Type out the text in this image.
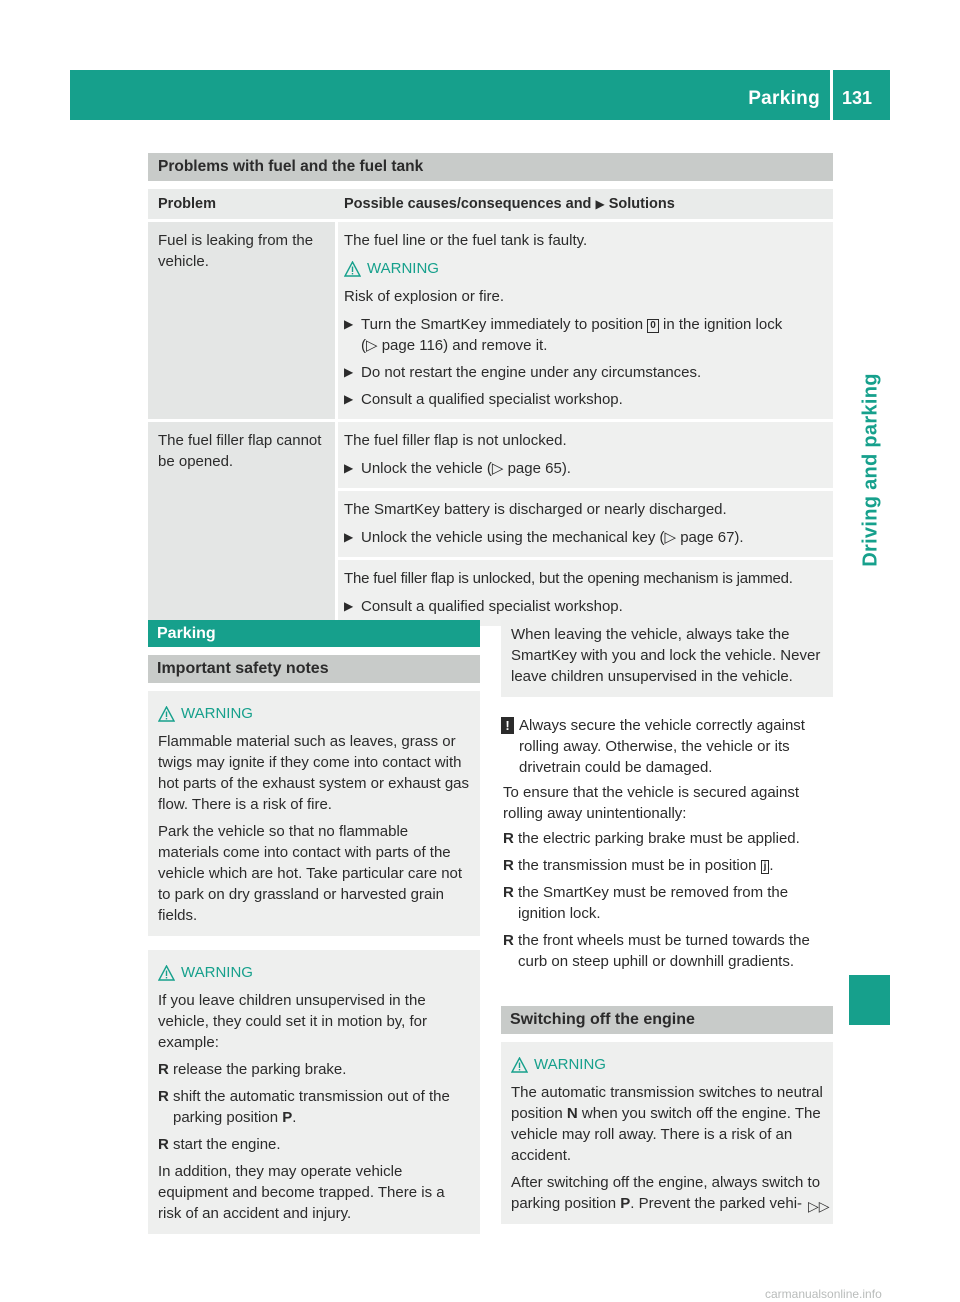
Parking 131
Driving and parking
Problems with fuel and the fuel tank
Problem	Possible causes/consequences and ▶ Solutions
Fuel is leaking from the vehicle.

The fuel line or the fuel tank is faulty.

WARNING

Risk of explosion or fire.

▶ Turn the SmartKey immediately to position 0 in the ignition lock
(▷ page 116) and remove it.
▶ Do not restart the engine under any circumstances.
▶ Consult a qualified specialist workshop.
The fuel filler flap cannot be opened.

The fuel filler flap is not unlocked.

▶ Unlock the vehicle (▷ page 65).

The SmartKey battery is discharged or nearly discharged.

▶ Unlock the vehicle using the mechanical key (▷ page 67).

The fuel filler flap is unlocked, but the opening mechanism is jammed.

▶ Consult a qualified specialist workshop.
Parking
Important safety notes
WARNING

Flammable material such as leaves, grass or twigs may ignite if they come into contact with hot parts of the exhaust system or exhaust gas flow. There is a risk of fire.

Park the vehicle so that no flammable materials come into contact with parts of the vehicle which are hot. Take particular care not to park on dry grassland or harvested grain fields.

WARNING

If you leave children unsupervised in the vehicle, they could set it in motion by, for example:

R release the parking brake.
R shift the automatic transmission out of the parking position P.
R start the engine.

In addition, they may operate vehicle equipment and become trapped. There is a risk of an accident and injury.

When leaving the vehicle, always take the SmartKey with you and lock the vehicle. Never leave children unsupervised in the vehicle.

! Always secure the vehicle correctly against rolling away. Otherwise, the vehicle or its drivetrain could be damaged.

To ensure that the vehicle is secured against rolling away unintentionally:

R the electric parking brake must be applied.
R the transmission must be in position j .
R the SmartKey must be removed from the ignition lock.
R the front wheels must be turned towards the curb on steep uphill or downhill gradients.
Switching off the engine
WARNING

The automatic transmission switches to neutral position N when you switch off the engine. The vehicle may roll away. There is a risk of an accident.

After switching off the engine, always switch to parking position P. Prevent the parked vehi- ▷▷
carmanualsonline.info
